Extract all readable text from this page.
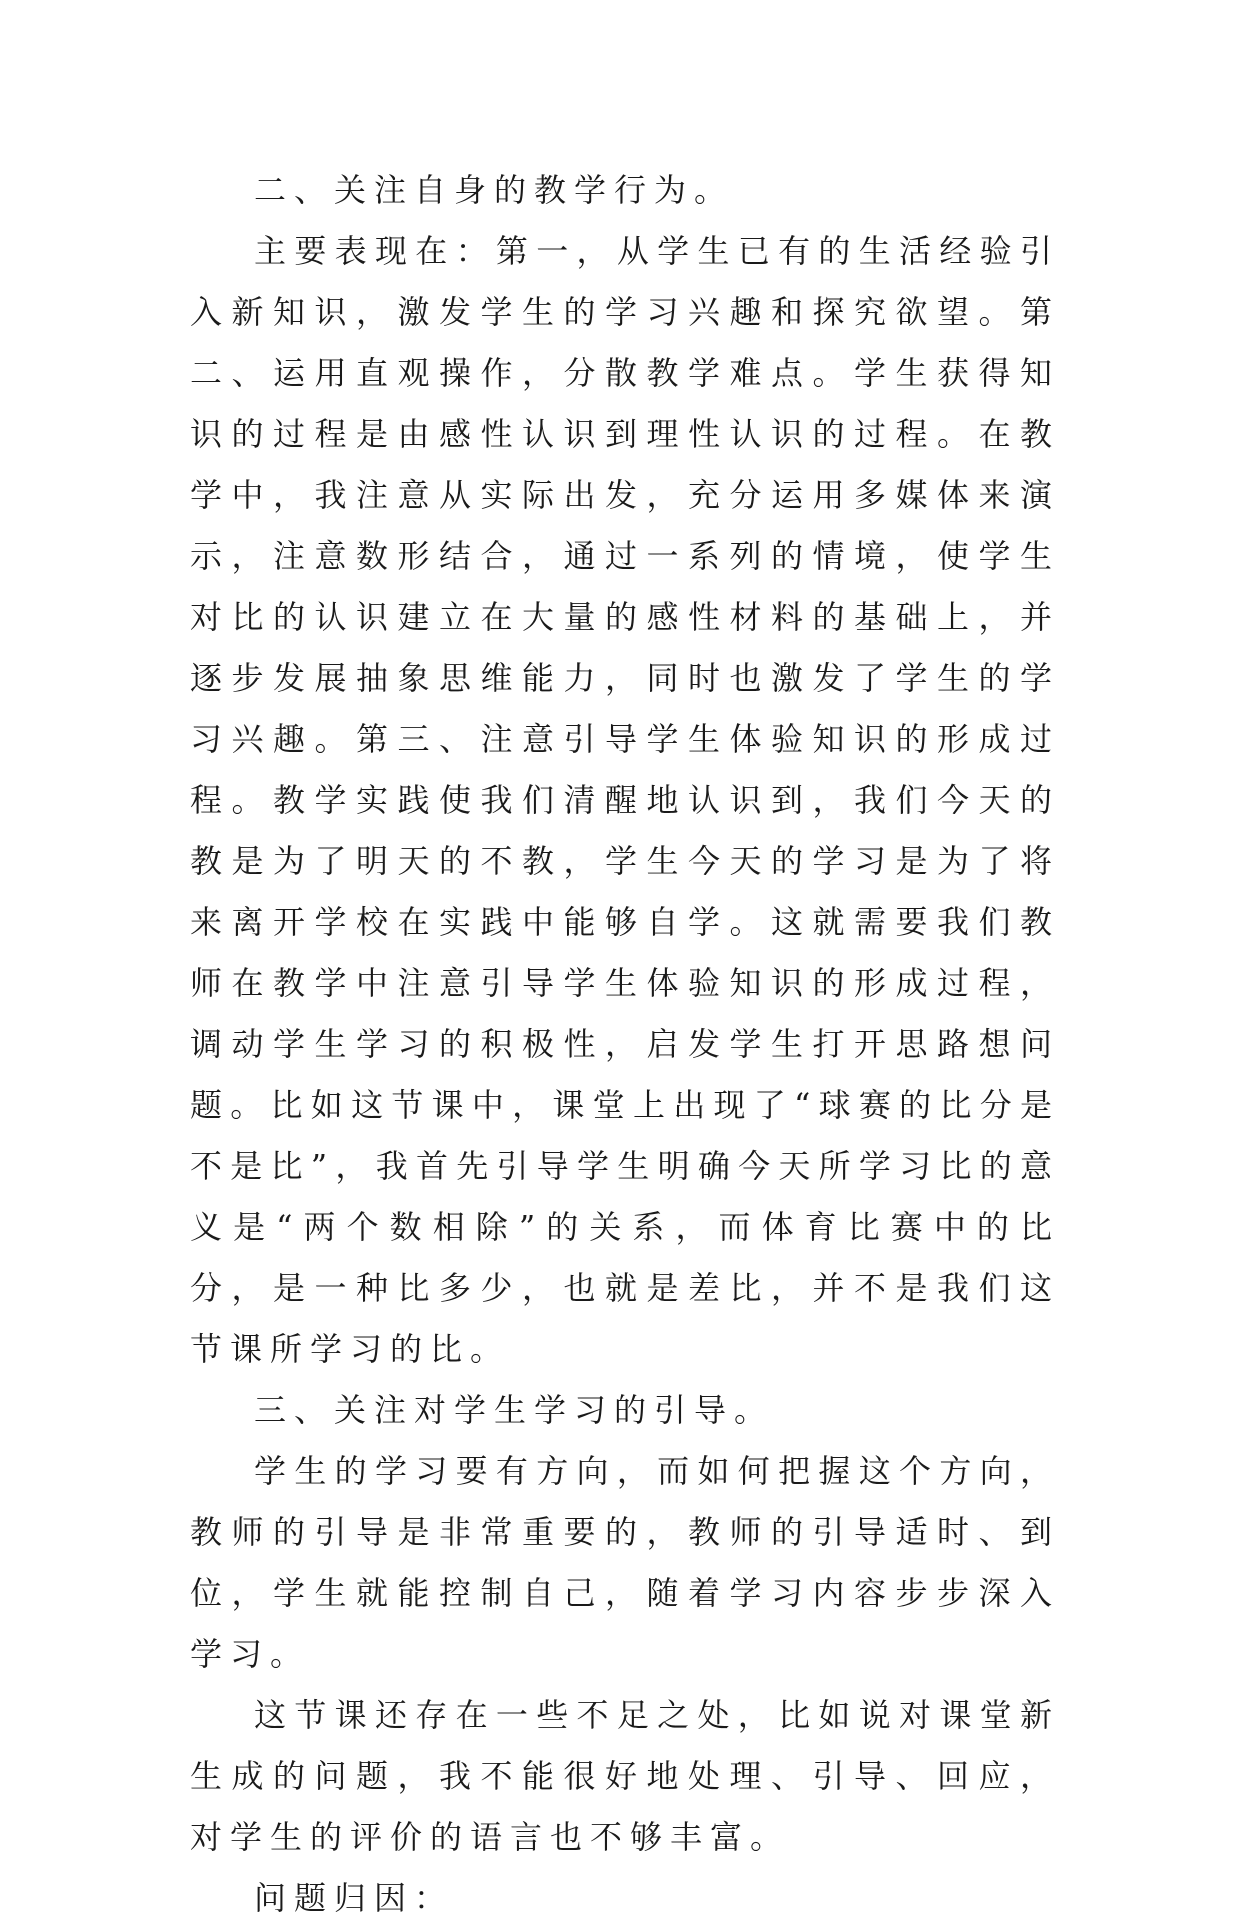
二、关注自身的教学行为。

主要表现在：第一，从学生已有的生活经验引入新知识，激发学生的学习兴趣和探究欲望。第二、运用直观操作，分散教学难点。学生获得知识的过程是由感性认识到理性认识的过程。在教学中，我注意从实际出发，充分运用多媒体来演示，注意数形结合，通过一系列的情境，使学生对比的认识建立在大量的感性材料的基础上，并逐步发展抽象思维能力，同时也激发了学生的学习兴趣。第三、注意引导学生体验知识的形成过程。教学实践使我们清醒地认识到，我们今天的教是为了明天的不教，学生今天的学习是为了将来离开学校在实践中能够自学。这就需要我们教师在教学中注意引导学生体验知识的形成过程，调动学生学习的积极性，启发学生打开思路想问题。比如这节课中，课堂上出现了“球赛的比分是不是比”，我首先引导学生明确今天所学习比的意义是“两个数相除”的关系，而体育比赛中的比分，是一种比多少，也就是差比，并不是我们这节课所学习的比。

三、关注对学生学习的引导。

学生的学习要有方向，而如何把握这个方向，教师的引导是非常重要的，教师的引导适时、到位，学生就能控制自己，随着学习内容步步深入学习。

这节课还存在一些不足之处，比如说对课堂新生成的问题，我不能很好地处理、引导、回应，对学生的评价的语言也不够丰富。

问题归因：
